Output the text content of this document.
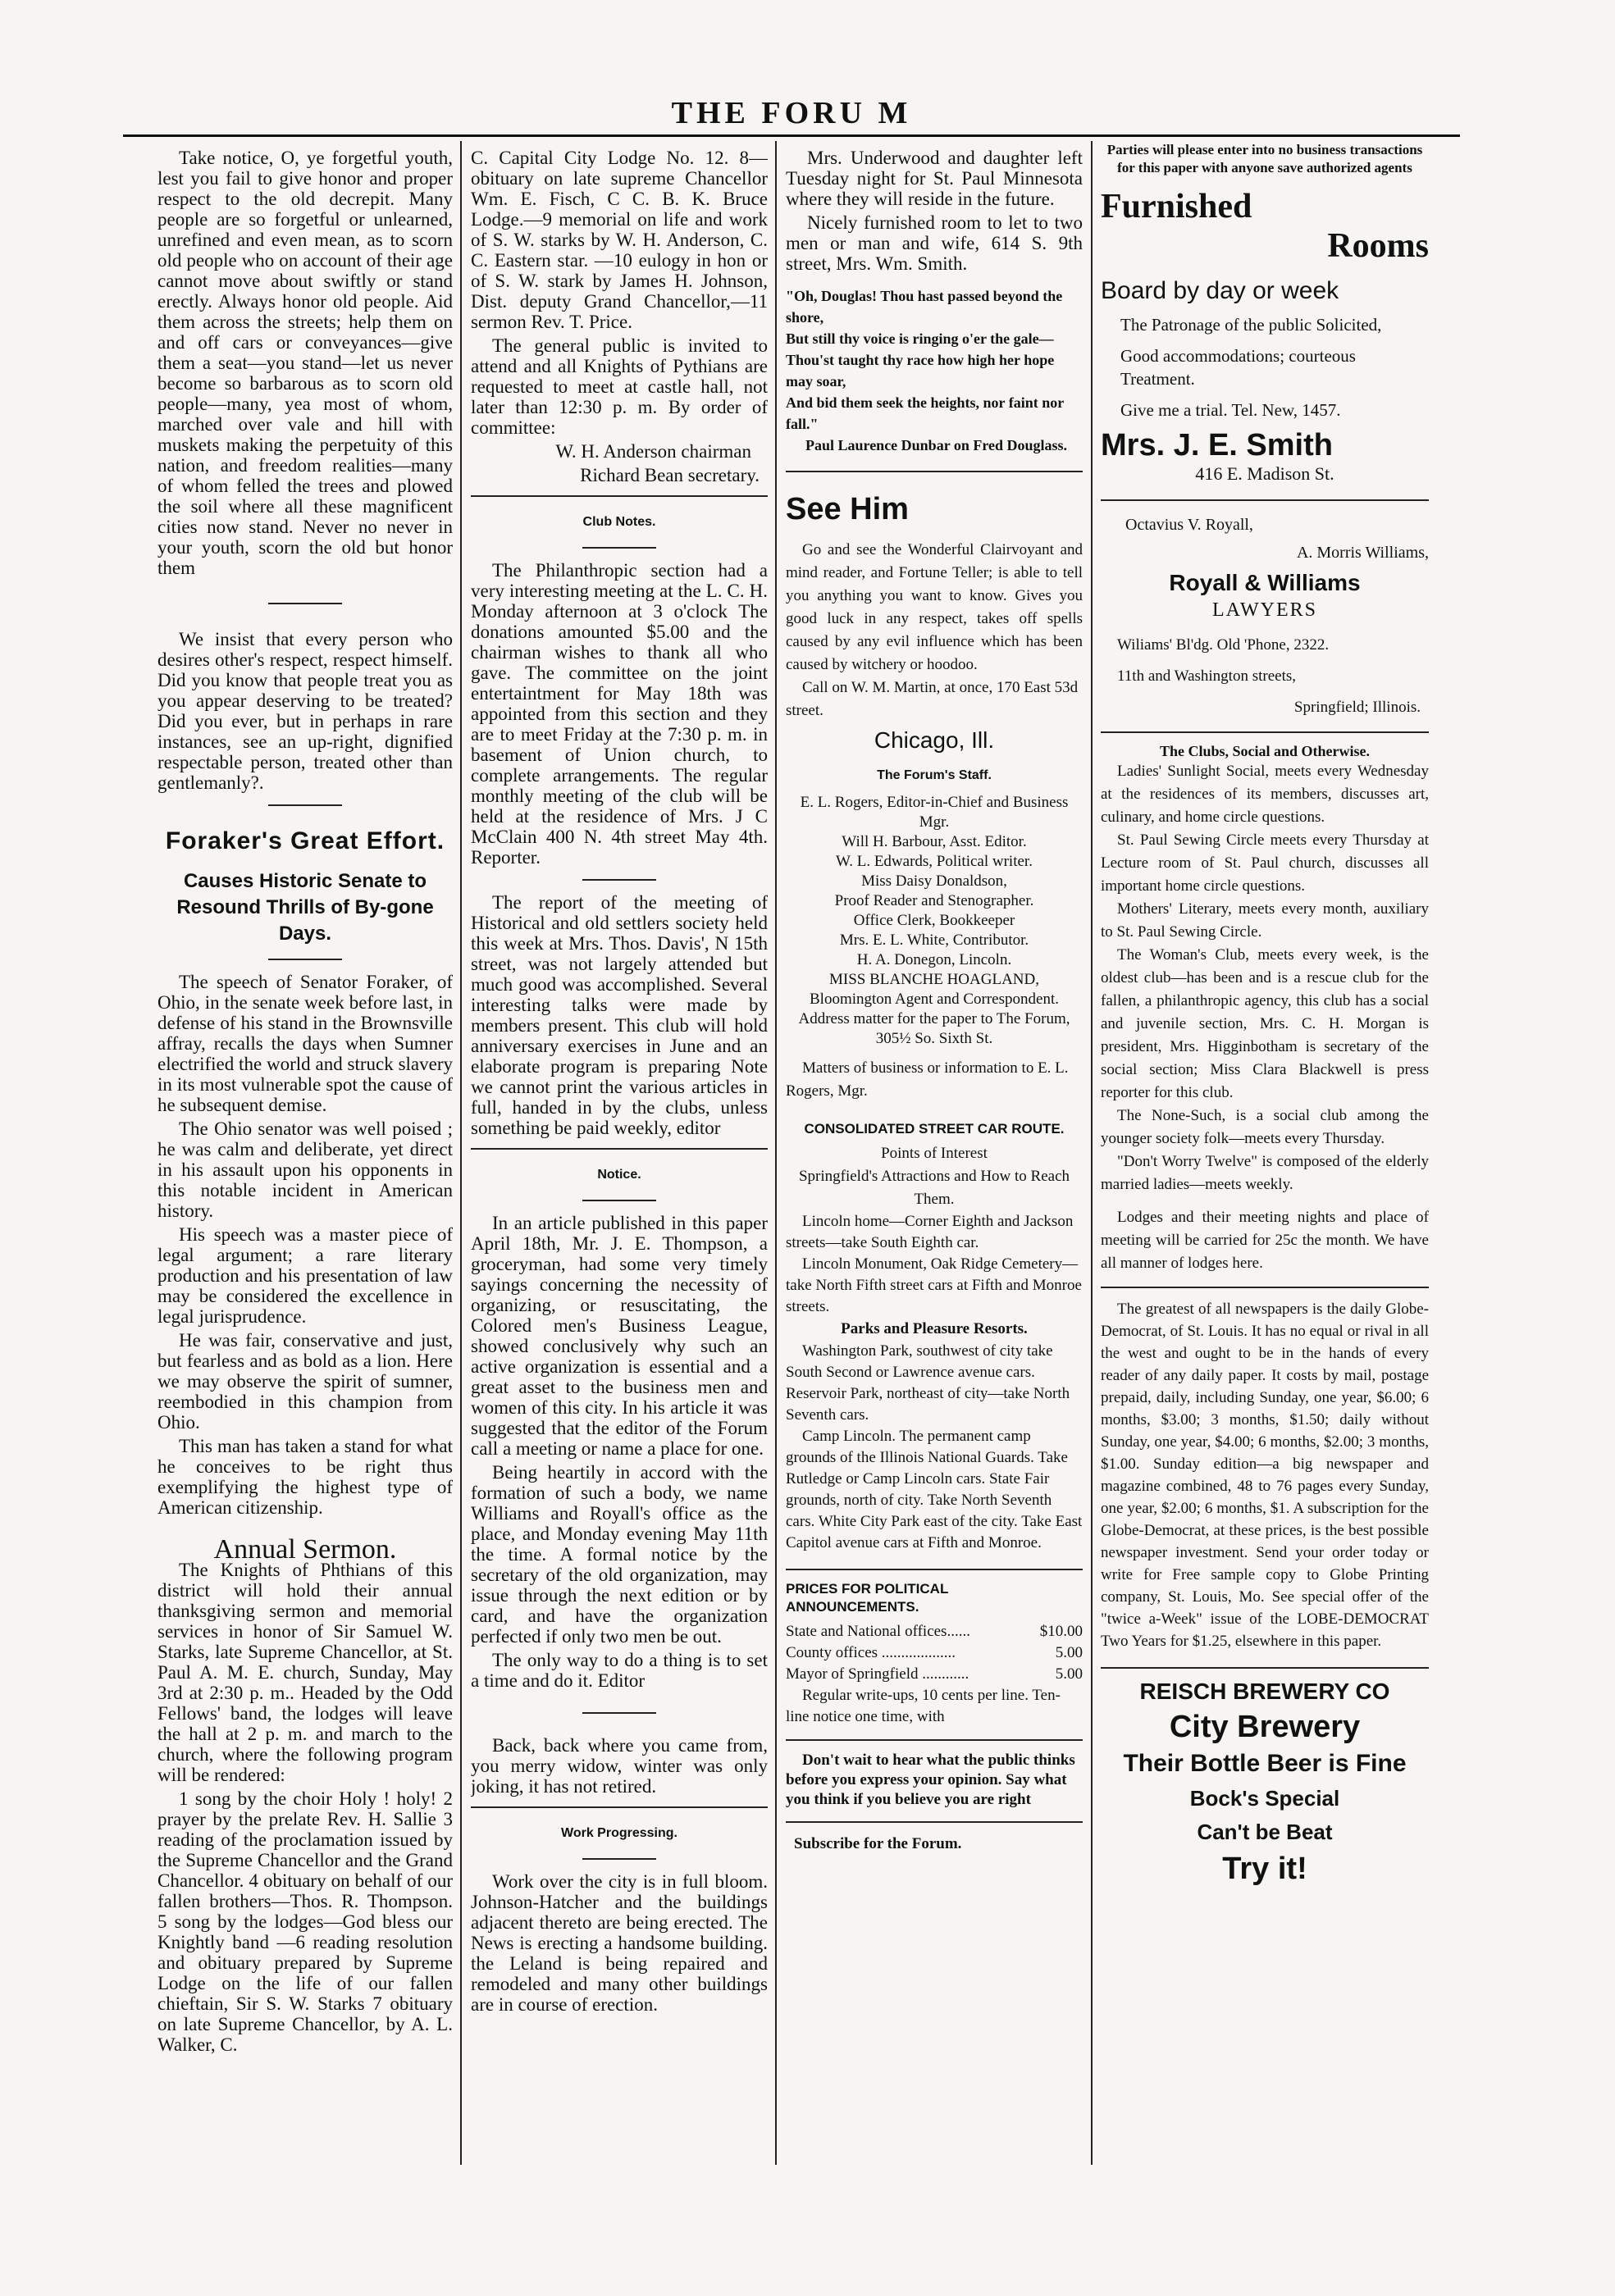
THE FORU M

Take notice, O, ye forgetful youth, lest you fail to give honor and proper respect to the old decrepit. Many people are so forgetful or unlearned, unrefined and even mean, as to scorn old people who on account of their age cannot move about swiftly or stand erectly. Always honor old people. Aid them across the streets; help them on and off cars or conveyances—give them a seat—you stand—let us never become so barbarous as to scorn old people—many, yea most of whom, marched over vale and hill with muskets making the perpetuity of this nation, and freedom realities—many of whom felled the trees and plowed the soil where all these magnificent cities now stand. Never no never in your youth, scorn the old but honor them

We insist that every person who desires other's respect, respect himself. Did you know that people treat you as you appear deserving to be treated? Did you ever, but in perhaps in rare instances, see an up-right, dignified respectable person, treated other than gentlemanly?.

Foraker's Great Effort.
Causes Historic Senate to Resound Thrills of By-gone Days.

The speech of Senator Foraker, of Ohio, in the senate week before last, in defense of his stand in the Brownsville affray, recalls the days when Sumner electrified the world and struck slavery in its most vulnerable spot the cause of he subsequent demise.

The Ohio senator was well poised ; he was calm and deliberate, yet direct in his assault upon his opponents in this notable incident in American history.

His speech was a master piece of legal argument; a rare literary production and his presentation of law may be considered the excellence in legal jurisprudence.

He was fair, conservative and just, but fearless and as bold as a lion. Here we may observe the spirit of sumner, reembodied in this champion from Ohio.

This man has taken a stand for what he conceives to be right thus exemplifying the highest type of American citizenship.

Annual Sermon.

The Knights of Phthians of this district will hold their annual thanksgiving sermon and memorial services in honor of Sir Samuel W. Starks, late Supreme Chancellor, at St. Paul A. M. E. church, Sunday, May 3rd at 2:30 p. m.. Headed by the Odd Fellows' band, the lodges will leave the hall at 2 p. m. and march to the church, where the following program will be rendered:

1 song by the choir Holy ! holy! 2 prayer by the prelate Rev. H. Sallie 3 reading of the proclamation issued by the Supreme Chancellor and the Grand Chancellor. 4 obituary on behalf of our fallen brothers—Thos. R. Thompson. 5 song by the lodges—God bless our Knightly band —6 reading resolution and obituary prepared by Supreme Lodge on the life of our fallen chieftain, Sir S. W. Starks 7 obituary on late Supreme Chancellor, by A. L. Walker, C.

C. Capital City Lodge No. 12. 8—obituary on late supreme Chancellor Wm. E. Fisch, C C. B. K. Bruce Lodge.—9 memorial on life and work of S. W. starks by W. H. Anderson, C. C. Eastern star. —10 eulogy in hon or of S. W. stark by James H. Johnson, Dist. deputy Grand Chancellor,—11 sermon Rev. T. Price.

The general public is invited to attend and all Knights of Pythians are requested to meet at castle hall, not later than 12:30 p. m. By order of committee:

W. H. Anderson chairman

Richard Bean secretary.

Club Notes.

The Philanthropic section had a very interesting meeting at the L. C. H. Monday afternoon at 3 o'clock The donations amounted $5.00 and the chairman wishes to thank all who gave. The committee on the joint entertaintment for May 18th was appointed from this section and they are to meet Friday at the 7:30 p. m. in basement of Union church, to complete arrangements. The regular monthly meeting of the club will be held at the residence of Mrs. J C McClain 400 N. 4th street May 4th. Reporter.

The report of the meeting of Historical and old settlers society held this week at Mrs. Thos. Davis', N 15th street, was not largely attended but much good was accomplished. Several interesting talks were made by members present. This club will hold anniversary exercises in June and an elaborate program is preparing Note we cannot print the various articles in full, handed in by the clubs, unless something be paid weekly, editor

Notice.

In an article published in this paper April 18th, Mr. J. E. Thompson, a groceryman, had some very timely sayings concerning the necessity of organizing, or resuscitating, the Colored men's Business League, showed conclusively why such an active organization is essential and a great asset to the business men and women of this city. In his article it was suggested that the editor of the Forum call a meeting or name a place for one.

Being heartily in accord with the formation of such a body, we name Williams and Royall's office as the place, and Monday evening May 11th the time. A formal notice by the secretary of the old organization, may issue through the next edition or by card, and have the organization perfected if only two men be out.

The only way to do a thing is to set a time and do it. Editor

Back, back where you came from, you merry widow, winter was only joking, it has not retired.

Work Progressing.

Work over the city is in full bloom. Johnson-Hatcher and the buildings adjacent thereto are being erected. The News is erecting a handsome building. the Leland is being repaired and remodeled and many other buildings are in course of erection.

Mrs. Underwood and daughter left Tuesday night for St. Paul Minnesota where they will reside in the future.

Nicely furnished room to let to two men or man and wife, 614 S. 9th street, Mrs. Wm. Smith.

"Oh, Douglas! Thou hast passed beyond the shore,
But still thy voice is ringing o'er the gale—
Thou'st taught thy race how high her hope may soar,
And bid them seek the heights, nor faint nor fall."
Paul Laurence Dunbar on Fred Douglass.
See Him

Go and see the Wonderful Clairvoyant and mind reader, and Fortune Teller; is able to tell you anything you want to know. Gives you good luck in any respect, takes off spells caused by any evil influence which has been caused by witchery or hoodoo.

Call on W. M. Martin, at once, 170 East 53d street.

Chicago, Ill.
The Forum's Staff.
E. L. Rogers, Editor-in-Chief and Business Mgr.
Will H. Barbour, Asst. Editor.
W. L. Edwards, Political writer.
Miss Daisy Donaldson,
Proof Reader and Stenographer.
Office Clerk, Bookkeeper
Mrs. E. L. White, Contributor.
H. A. Donegon, Lincoln.
MISS BLANCHE HOAGLAND,
Bloomington Agent and Correspondent.
Address matter for the paper to The Forum, 305½ So. Sixth St.

Matters of business or information to E. L. Rogers, Mgr.

CONSOLIDATED STREET CAR ROUTE.
Points of Interest
Springfield's Attractions and How to Reach Them.

Lincoln home—Corner Eighth and Jackson streets—take South Eighth car.

Lincoln Monument, Oak Ridge Cemetery—take North Fifth street cars at Fifth and Monroe streets.

Parks and Pleasure Resorts.

Washington Park, southwest of city take South Second or Lawrence avenue cars. Reservoir Park, northeast of city—take North Seventh cars.

Camp Lincoln. The permanent camp grounds of the Illinois National Guards. Take Rutledge or Camp Lincoln cars. State Fair grounds, north of city. Take North Seventh cars. White City Park east of the city. Take East Capitol avenue cars at Fifth and Monroe.

PRICES FOR POLITICAL ANNOUNCEMENTS.
State and National offices......	$10.00
County offices ...................	5.00
Mayor of Springfield ............	5.00

Regular write-ups, 10 cents per line. Ten-line notice one time, with

Don't wait to hear what the public thinks before you express your opinion. Say what you think if you believe you are right

Subscribe for the Forum.
Parties will please enter into no business transactions for this paper with anyone save authorized agents
Furnished
Rooms
Board by day or week
The Patronage of the public Solicited,
Good accommodations; courteous Treatment.
Give me a trial. Tel. New, 1457.
Mrs. J. E. Smith
416 E. Madison St.
Octavius V. Royall,
A. Morris Williams,
Royall & Williams
LAWYERS
Wiliams' Bl'dg. Old 'Phone, 2322.
11th and Washington streets,
Springfield; Illinois.
The Clubs, Social and Otherwise.

Ladies' Sunlight Social, meets every Wednesday at the residences of its members, discusses art, culinary, and home circle questions.

St. Paul Sewing Circle meets every Thursday at Lecture room of St. Paul church, discusses all important home circle questions.

Mothers' Literary, meets every month, auxiliary to St. Paul Sewing Circle.

The Woman's Club, meets every week, is the oldest club—has been and is a rescue club for the fallen, a philanthropic agency, this club has a social and juvenile section, Mrs. C. H. Morgan is president, Mrs. Higginbotham is secretary of the social section; Miss Clara Blackwell is press reporter for this club.

The None-Such, is a social club among the younger society folk—meets every Thursday.

"Don't Worry Twelve" is composed of the elderly married ladies—meets weekly.

Lodges and their meeting nights and place of meeting will be carried for 25c the month. We have all manner of lodges here.

The greatest of all newspapers is the daily Globe-Democrat, of St. Louis. It has no equal or rival in all the west and ought to be in the hands of every reader of any daily paper. It costs by mail, postage prepaid, daily, including Sunday, one year, $6.00; 6 months, $3.00; 3 months, $1.50; daily without Sunday, one year, $4.00; 6 months, $2.00; 3 months, $1.00. Sunday edition—a big newspaper and magazine combined, 48 to 76 pages every Sunday, one year, $2.00; 6 months, $1. A subscription for the Globe-Democrat, at these prices, is the best possible newspaper investment. Send your order today or write for Free sample copy to Globe Printing company, St. Louis, Mo. See special offer of the "twice a-Week" issue of the LOBE-DEMOCRAT Two Years for $1.25, elsewhere in this paper.

REISCH BREWERY CO
City Brewery
Their Bottle Beer is Fine
Bock's Special
Can't be Beat
Try it!
